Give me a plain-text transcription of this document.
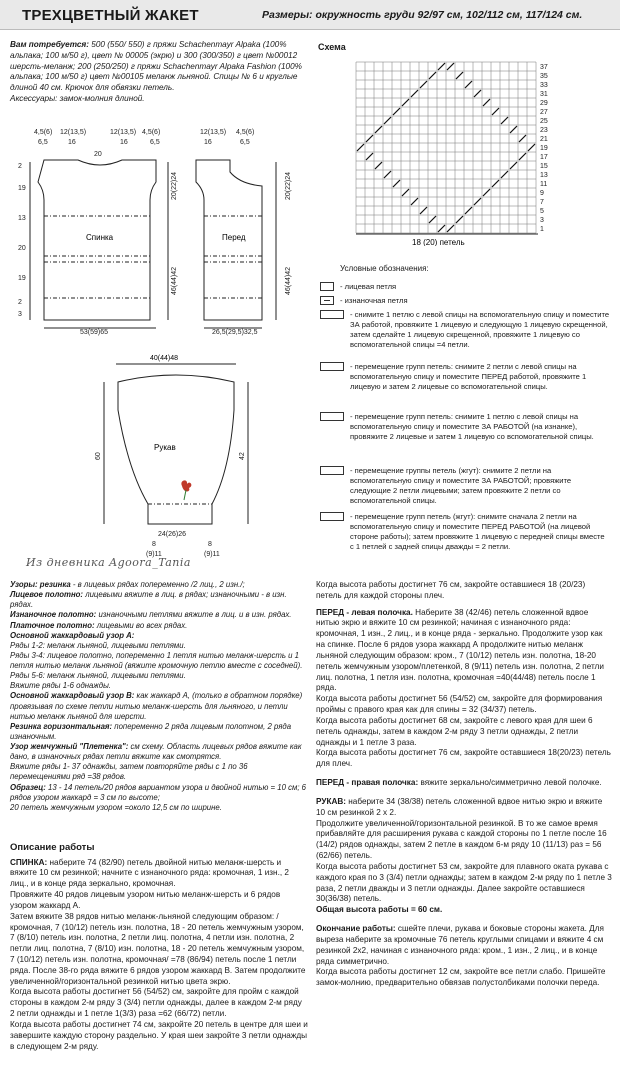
ТРЕХЦВЕТНЫЙ ЖАКЕТ	Размеры: окружность груди 92/97 см, 102/112 см, 117/124 см.
Вам потребуется: 500 (550/ 550) г пряжи Schachenmayr Alpaka (100% альпака; 100 м/50 г), цвет № 00005 (экрю) и 300 (300/350) г цвет №00012 шерсть-меланж; 200 (250/250) г пряжи Schachenmayr Alpaka Fashion (100% альпака; 100 м/50 г) цвет №00105 меланж льняной. Спицы № 6 и круглые длиной 40 см. Крючок для обвязки петель.
Аксессуары: замок-молния длиной.
4,5(6) 12(13,5)	12(13,5) 4,5(6)
6,5	16	16	6,5
20
12(13,5) 4,5(6)
16	6,5
Спинка
2
19
13
20
19
2
3
20(22)24
46(44)42
53(59)65
Перед
20(22)24
46(44)42
26,5(29,5)32,5
40(44)48
Рукав
60	42
24(26)26
8	8
(9)11	(9)11
Из дневника Agoora_Tania
Схема
37
35
33
31
29
27
25
23
21
19
17
15
13
11
9
7
5
3
1
18 (20) петель
Условные обозначения:
- лицевая петля
- изнаночная петля
- снимите 1 петлю с левой спицы на вспомогательную спицу и поместите ЗА работой, провяжите 1 лицевую и следующую 1 лицевую скрещенной, затем сделайте 1 лицевую скрещенной, провяжите 1 лицевую со вспомогательной спицы =4 петли.
- перемещение групп петель: снимите 2 петли с левой спицы на вспомогательную спицу и поместите ПЕРЕД работой, провяжите 1 лицевую и затем 2 лицевые со вспомогательной спицы.
- перемещение групп петель: снимите 1 петлю с левой спицы на вспомогательную спицу и поместите ЗА РАБОТОЙ (на изнанке), провяжите 2 лицевые и затем 1 лицевую со вспомогательной спицы.
- перемещение группы петель (жгут): снимите 2 петли на вспомогательную спицу и поместите ЗА РАБОТОЙ; провяжите следующие 2 петли лицевыми; затем провяжите 2 петли со вспомогательной спицы.
- перемещение групп петель (жгут): снимите сначала 2 петли на вспомогательную спицу и поместите ПЕРЕД РАБОТОЙ (на лицевой стороне работы); затем провяжите 1 лицевую с передней спицы вместе с 1 петлей с задней спицы дважды = 2 петли.
Узоры: резинка - в лицевых рядах попеременно /2 лиц., 2 изн./;
Лицевое полотно: лицевыми вяжите в лиц. в рядах; изнаночными - в изн. рядах.
Изнаночное полотно: изнаночными петлями вяжите в лиц. и в изн. рядах.
Платочное полотно: лицевыми во всех рядах.
Основной жаккардовый узор А:
Ряды 1-2: меланж льняной, лицевыми петлями.
Ряды 3-4: лицевое полотно, попеременно 1 петля нитью меланж-шерсть и 1 петля нитью меланж льняной (вяжите кромочную петлю вместе с соседней).
Ряды 5-6: меланж льняной, лицевыми петлями.
Вяжите ряды 1-6 однажды.
Основной жаккардовый узор В: как жаккард А, (только в обратном порядке) провязывая по схеме петли нитью меланж-шерсть для льняного, и петли нитью меланж льняной для шерсти.
Резинка горизонтальная: попеременно 2 ряда лицевым полотном, 2 ряда изнаночным.
Узор жемчужный "Плетенка": см схему. Область лицевых рядов вяжите как дано, в изнаночных рядах петли вяжите как смотрятся.
Вяжите ряды 1- 37 однажды, затем повторяйте ряды с 1 по 36 перемещениями ряд =38 рядов.
Образец: 13 - 14 петель/20 рядов вариантом узора и двойной нитью = 10 см; 6 рядов узором жаккард = 3 см по высоте;
20 петель жемчужным узором =около 12,5 см по ширине.
Описание работы

СПИНКА: наберите 74 (82/90) петель двойной нитью меланж-шерсть и вяжите 10 см резинкой; начните с изнаночного ряда: кромочная, 1 изн., 2 лиц., и в конце ряда зеркально, кромочная.

Провяжите 40 рядов лицевым узором нитью меланж-шерсть и 6 рядов узором жаккард А.

Затем вяжите 38 рядов нитью меланж-льняной следующим образом: /кромочная, 7 (10/12) петель изн. полотна, 18 - 20 петель жемчужным узором, 7 (8/10) петель изн. полотна, 2 петли лиц. полотна, 4 петли изн. полотна, 2 петли лиц. полотна, 7 (8/10) изн. полотна, 18 - 20 петель жемчужным узором, 7 (10/12) петель изн. полотна, кромочная/ =78 (86/94) петель после 1 петли ряда. После 38-го ряда вяжите 6 рядов узором жаккард В. Затем продолжите увеличенной/горизонтальной резинкой нитью цвета экрю.

Когда высота работы достигнет 56 (54/52) см, закройте для пройм с каждой стороны в каждом 2-м ряду 3 (3/4) петли однажды, далее в каждом 2-м ряду 2 петли однажды и 1 петле 1(3/3) раза =62 (66/72) петли.

Когда высота работы достигнет 74 см, закройте 20 петель в центре для шеи и завершите каждую сторону раздельно. У края шеи закройте 3 петли однажды в следующем 2-м ряду.

Когда высота работы достигнет 76 см, закройте оставшиеся 18 (20/23) петель для каждой стороны плеч.

ПЕРЕД - левая полочка. Наберите 38 (42/46) петель сложенной вдвое нитью экрю и вяжите 10 см резинкой; начиная с изнаночного ряда: кромочная, 1 изн., 2 лиц., и в конце ряда - зеркально. Продолжите узор как на спинке. После 6 рядов узора жаккард А продолжите нитью меланж льняной следующим образом: кром., 7 (10/12) петель изн. полотна, 18-20 петель жемчужным узором/плетенкой, 8 (9/11) петель изн. полотна, 2 петли лиц. полотна, 1 петля изн. полотна, кромочная =40(44/48) петель после 1 ряда.

Когда высота работы достигнет 56 (54/52) см, закройте для формирования проймы с правого края как для спины = 32 (34/37) петель.

Когда высота работы достигнет 68 см, закройте с левого края для шеи 6 петель однажды, затем в каждом 2-м ряду 3 петли однажды, 2 петли однажды и 1 петле 3 раза.

Когда высота работы достигнет 76 см, закройте оставшиеся 18(20/23) петель для плеч.

ПЕРЕД - правая полочка: вяжите зеркально/симметрично левой полочке.

РУКАВ: наберите 34 (38/38) петель сложенной вдвое нитью экрю и вяжите 10 см резинкой 2 х 2.

Продолжите увеличенной/горизонтальной резинкой. В то же самое время прибавляйте для расширения рукава с каждой стороны по 1 петле после 16 (14/2) рядов однажды, затем 2 петле в каждом 6-м ряду 10 (11/13) раз = 56 (62/66) петель.

Когда высота работы достигнет 53 см, закройте для плавного оката рукава с каждого края по 3 (3/4) петли однажды; затем в каждом 2-м ряду по 1 петле 3 раза, 2 петли дважды и 3 петли однажды. Далее закройте оставшиеся 30(36/38) петель.

Общая высота работы = 60 см.

Окончание работы: сшейте плечи, рукава и боковые стороны жакета. Для выреза наберите за кромочные 76 петель круглыми спицами и вяжите 4 см резинкой 2х2, начиная с изнаночного ряда: кром., 1 изн., 2 лиц., и в конце ряда симметрично.

Когда высота работы достигнет 12 см, закройте все петли слабо. Пришейте замок-молнию, предварительно обвязав полустолбиками полочки переда.
